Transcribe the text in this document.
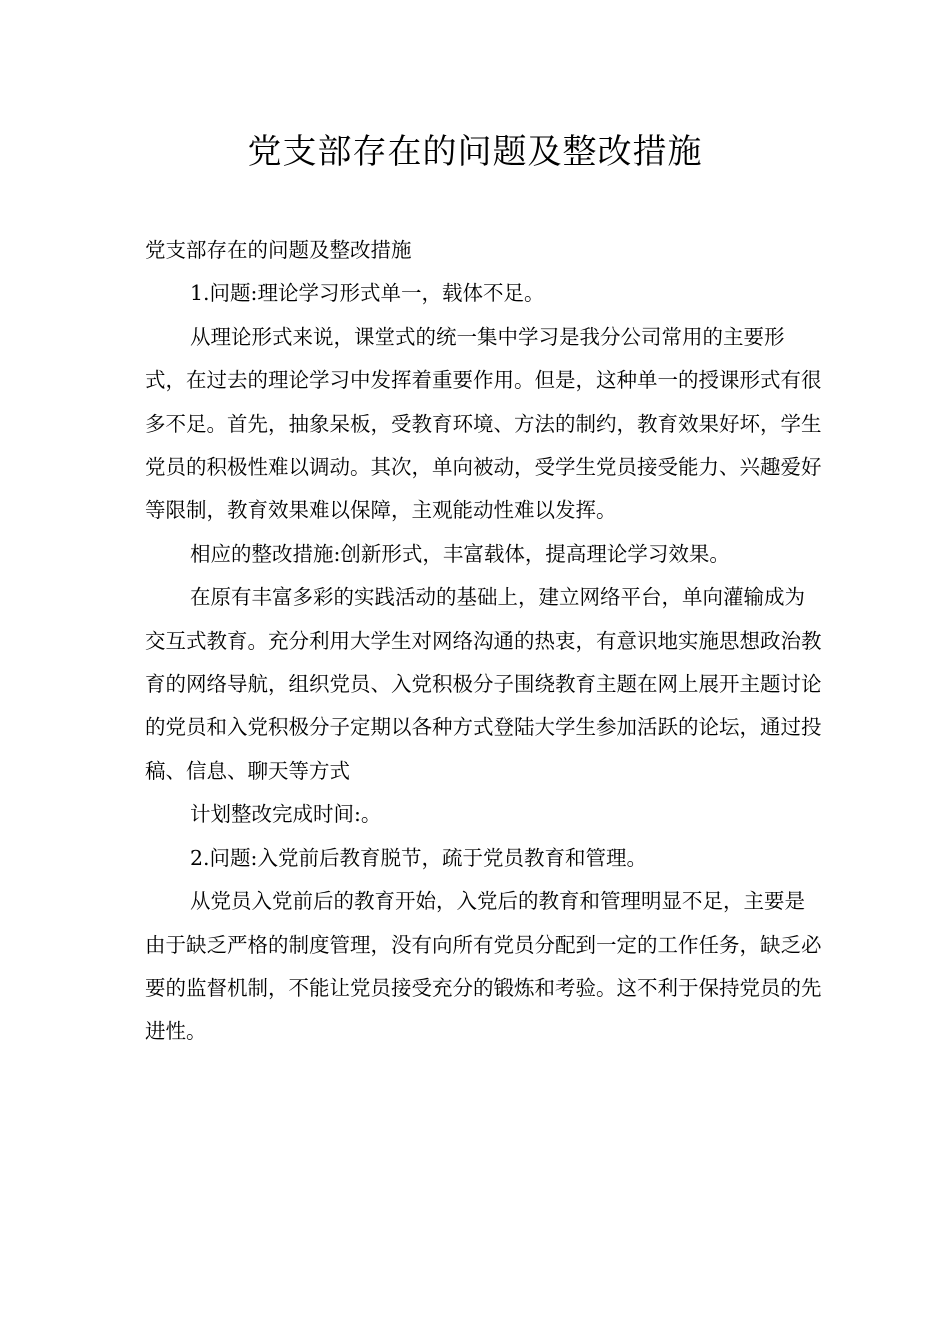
党支部存在的问题及整改措施

党支部存在的问题及整改措施

1.问题:理论学习形式单一，载体不足。

从理论形式来说，课堂式的统一集中学习是我分公司常用的主要形式，在过去的理论学习中发挥着重要作用。但是，这种单一的授课形式有很多不足。首先，抽象呆板，受教育环境、方法的制约，教育效果好坏，学生党员的积极性难以调动。其次，单向被动，受学生党员接受能力、兴趣爱好等限制，教育效果难以保障，主观能动性难以发挥。

相应的整改措施:创新形式，丰富载体，提高理论学习效果。

在原有丰富多彩的实践活动的基础上，建立网络平台，单向灌输成为交互式教育。充分利用大学生对网络沟通的热衷，有意识地实施思想政治教育的网络导航，组织党员、入党积极分子围绕教育主题在网上展开主题讨论的党员和入党积极分子定期以各种方式登陆大学生参加活跃的论坛，通过投稿、信息、聊天等方式

计划整改完成时间:。

2.问题:入党前后教育脱节，疏于党员教育和管理。

从党员入党前后的教育开始，入党后的教育和管理明显不足，主要是由于缺乏严格的制度管理，没有向所有党员分配到一定的工作任务，缺乏必要的监督机制，不能让党员接受充分的锻炼和考验。这不利于保持党员的先进性。
